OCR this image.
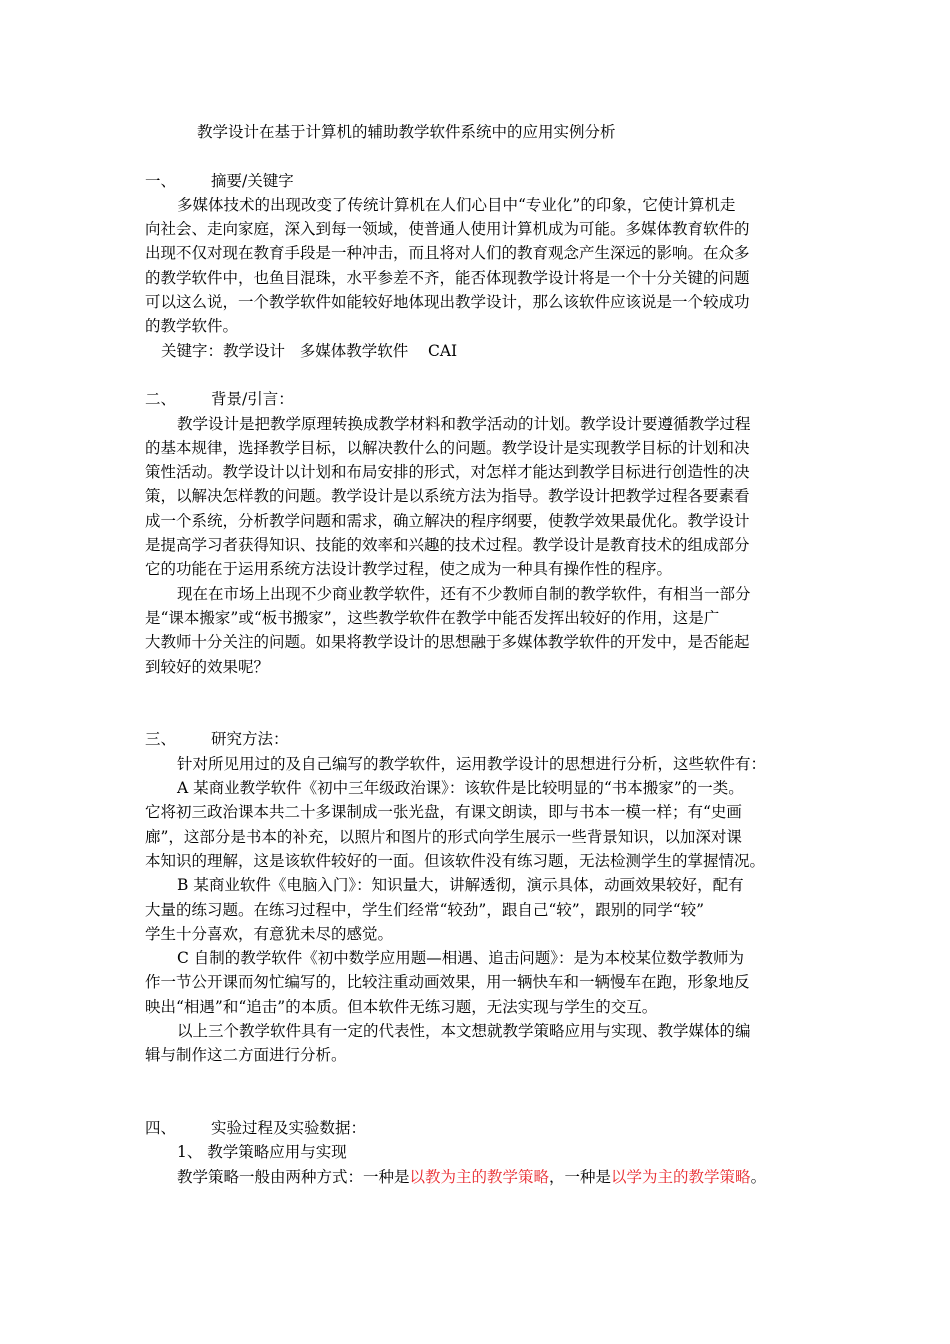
教学设计在基于计算机的辅助教学软件系统中的应用实例分析
一、 摘要/关键字
多媒体技术的出现改变了传统计算机在人们心目中“专业化”的印象，它使计算机走
向社会、走向家庭，深入到每一领域，使普通人使用计算机成为可能。多媒体教育软件的
出现不仅对现在教育手段是一种冲击，而且将对人们的教育观念产生深远的影响。在众多
的教学软件中，也鱼目混珠，水平参差不齐，能否体现教学设计将是一个十分关键的问题
可以这么说，一个教学软件如能较好地体现出教学设计，那么该软件应该说是一个较成功
的教学软件。
关键字：教学设计   多媒体教学软件    CAI
二、 背景/引言：
教学设计是把教学原理转换成教学材料和教学活动的计划。教学设计要遵循教学过程
的基本规律，选择教学目标，以解决教什么的问题。教学设计是实现教学目标的计划和决
策性活动。教学设计以计划和布局安排的形式，对怎样才能达到教学目标进行创造性的决
策，以解决怎样教的问题。教学设计是以系统方法为指导。教学设计把教学过程各要素看
成一个系统，分析教学问题和需求，确立解决的程序纲要，使教学效果最优化。教学设计
是提高学习者获得知识、技能的效率和兴趣的技术过程。教学设计是教育技术的组成部分
它的功能在于运用系统方法设计教学过程，使之成为一种具有操作性的程序。
现在在市场上出现不少商业教学软件，还有不少教师自制的教学软件，有相当一部分
是“课本搬家”或“板书搬家”，这些教学软件在教学中能否发挥出较好的作用，这是广
大教师十分关注的问题。如果将教学设计的思想融于多媒体教学软件的开发中，是否能起
到较好的效果呢？
三、 研究方法：
针对所见用过的及自己编写的教学软件，运用教学设计的思想进行分析，这些软件有：
A 某商业教学软件《初中三年级政治课》：该软件是比较明显的“书本搬家”的一类。
它将初三政治课本共二十多课制成一张光盘，有课文朗读，即与书本一模一样；有“史画
廊”，这部分是书本的补充，以照片和图片的形式向学生展示一些背景知识，以加深对课
本知识的理解，这是该软件较好的一面。但该软件没有练习题，无法检测学生的掌握情况。
B 某商业软件《电脑入门》：知识量大，讲解透彻，演示具体，动画效果较好，配有
大量的练习题。在练习过程中，学生们经常“较劲”，跟自己“较”，跟别的同学“较”
学生十分喜欢，有意犹未尽的感觉。
C 自制的教学软件《初中数学应用题—相遇、追击问题》：是为本校某位数学教师为
作一节公开课而匆忙编写的，比较注重动画效果，用一辆快车和一辆慢车在跑，形象地反
映出“相遇”和“追击”的本质。但本软件无练习题，无法实现与学生的交互。
以上三个教学软件具有一定的代表性，本文想就教学策略应用与实现、教学媒体的编
辑与制作这二方面进行分析。
四、 实验过程及实验数据：
1、 教学策略应用与实现
教学策略一般由两种方式：一种是以教为主的教学策略，一种是以学为主的教学策略。
